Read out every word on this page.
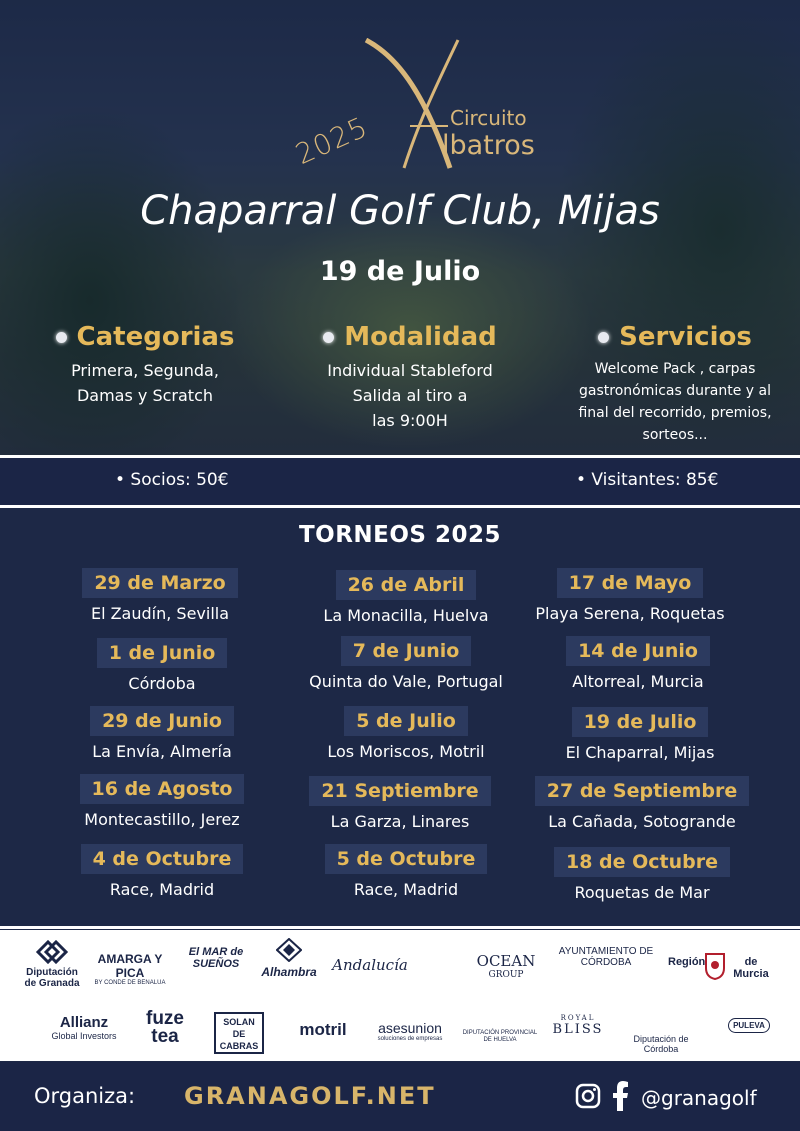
2025	Circuito
lbatros
Chaparral Golf Club, Mijas
19 de Julio
Categorias

Primera, Segunda,
Damas y Scratch

Modalidad

Individual Stableford
Salida al tiro a
las 9:00H

Servicios

Welcome Pack , carpas
gastronómicas durante y al
final del recorrido, premios,
sorteos...

• Socios: 50€	• Visitantes: 85€
TORNEOS 2025
29 de Marzo
El Zaudín, Sevilla
26 de Abril
La Monacilla, Huelva
17 de Mayo
Playa Serena, Roquetas
1 de Junio
Córdoba
7 de Junio
Quinta do Vale, Portugal
14 de Junio
Altorreal, Murcia
29 de Junio
La Envía, Almería
5 de Julio
Los Moriscos, Motril
19 de Julio
El Chaparral, Mijas
16 de Agosto
Montecastillo, Jerez
21 Septiembre
La Garza, Linares
27 de Septiembre
La Cañada, Sotogrande
4 de Octubre
Race, Madrid
5 de Octubre
Race, Madrid
18 de Octubre
Roquetas de Mar
Diputación de Granada
AMARGA Y PICA
BY CONDE DE BENALUA
El MAR de SUEÑOS
Alhambra	Andalucía	OCEAN
GROUP
AYUNTAMIENTO DE CÓRDOBA	Región	de Murcia
Allianz
Global Investors
fuze tea
SOLAN DE CABRAS
motril	asesunion
soluciones de empresas
DIPUTACIÓN PROVINCIAL DE HUELVA
ROYAL
BLISS
Diputación de Córdoba
PULEVA
Organiza: GRANAGOLF.NET	@granagolf
